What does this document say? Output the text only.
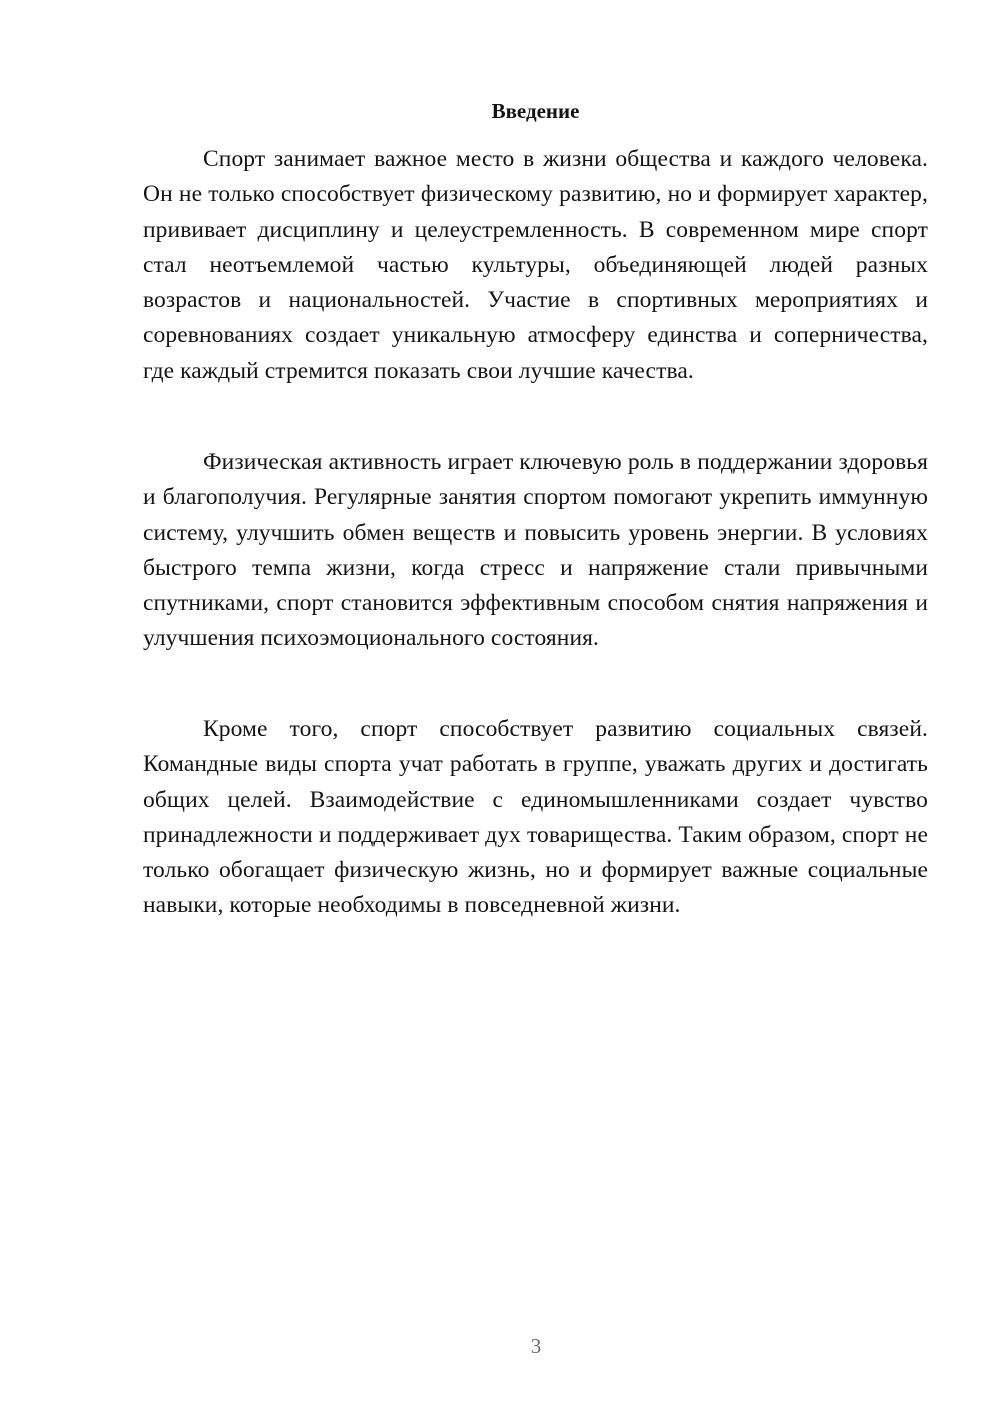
Введение

Спорт занимает важное место в жизни общества и каждого человека. Он не только способствует физическому развитию, но и формирует характер, прививает дисциплину и целеустремленность. В современном мире спорт стал неотъемлемой частью культуры, объединяющей людей разных возрастов и национальностей. Участие в спортивных мероприятиях и соревнованиях создает уникальную атмосферу единства и соперничества, где каждый стремится показать свои лучшие качества.

Физическая активность играет ключевую роль в поддержании здоровья и благополучия. Регулярные занятия спортом помогают укрепить иммунную систему, улучшить обмен веществ и повысить уровень энергии. В условиях быстрого темпа жизни, когда стресс и напряжение стали привычными спутниками, спорт становится эффективным способом снятия напряжения и улучшения психоэмоционального состояния.

Кроме того, спорт способствует развитию социальных связей. Командные виды спорта учат работать в группе, уважать других и достигать общих целей. Взаимодействие с единомышленниками создает чувство принадлежности и поддерживает дух товарищества. Таким образом, спорт не только обогащает физическую жизнь, но и формирует важные социальные навыки, которые необходимы в повседневной жизни.

3
